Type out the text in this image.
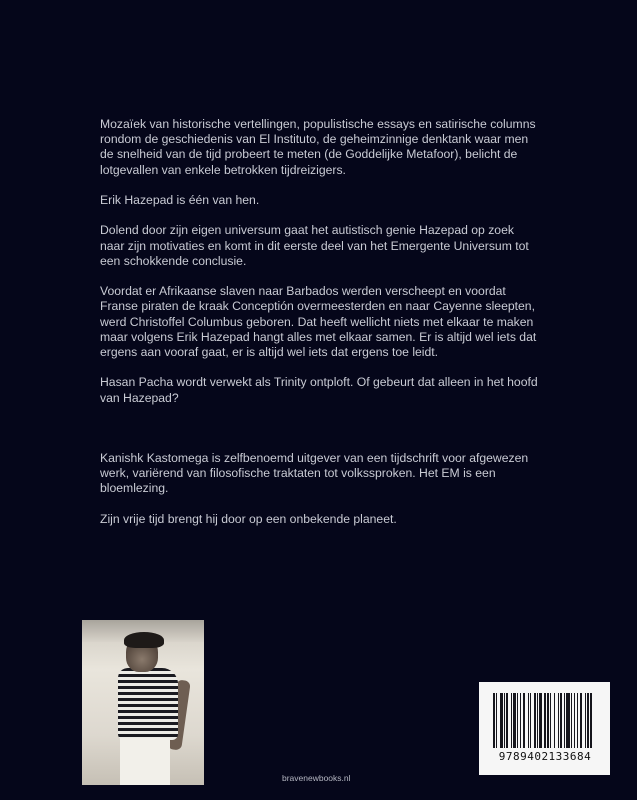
Mozaïek van historische vertellingen, populistische essays en satirische columns rondom de geschiedenis van El Instituto, de geheimzinnige denktank waar men de snelheid van de tijd probeert te meten (de Goddelijke Metafoor), belicht de lotgevallen van enkele betrokken tijdreizigers.

Erik Hazepad is één van hen.

Dolend door zijn eigen universum gaat het autistisch genie Hazepad op zoek naar zijn motivaties en komt in dit eerste deel van het Emergente Universum tot een schokkende conclusie.

Voordat er Afrikaanse slaven naar Barbados werden verscheept en voordat Franse piraten de kraak Conceptión overmeesterden en naar Cayenne sleepten, werd Christoffel Columbus geboren. Dat heeft wellicht niets met elkaar te maken maar volgens Erik Hazepad hangt alles met elkaar samen. Er is altijd wel iets dat ergens aan vooraf gaat, er is altijd wel iets dat ergens toe leidt.

Hasan Pacha wordt verwekt als Trinity ontploft. Of gebeurt dat alleen in het hoofd van Hazepad?

Kanishk Kastomega is zelfbenoemd uitgever van een tijdschrift voor afgewezen werk, variërend van filosofische traktaten tot volkssproken. Het EM is een bloemlezing.

Zijn vrije tijd brengt hij door op een onbekende planeet.

bravenewbooks.nl
9789402133684
